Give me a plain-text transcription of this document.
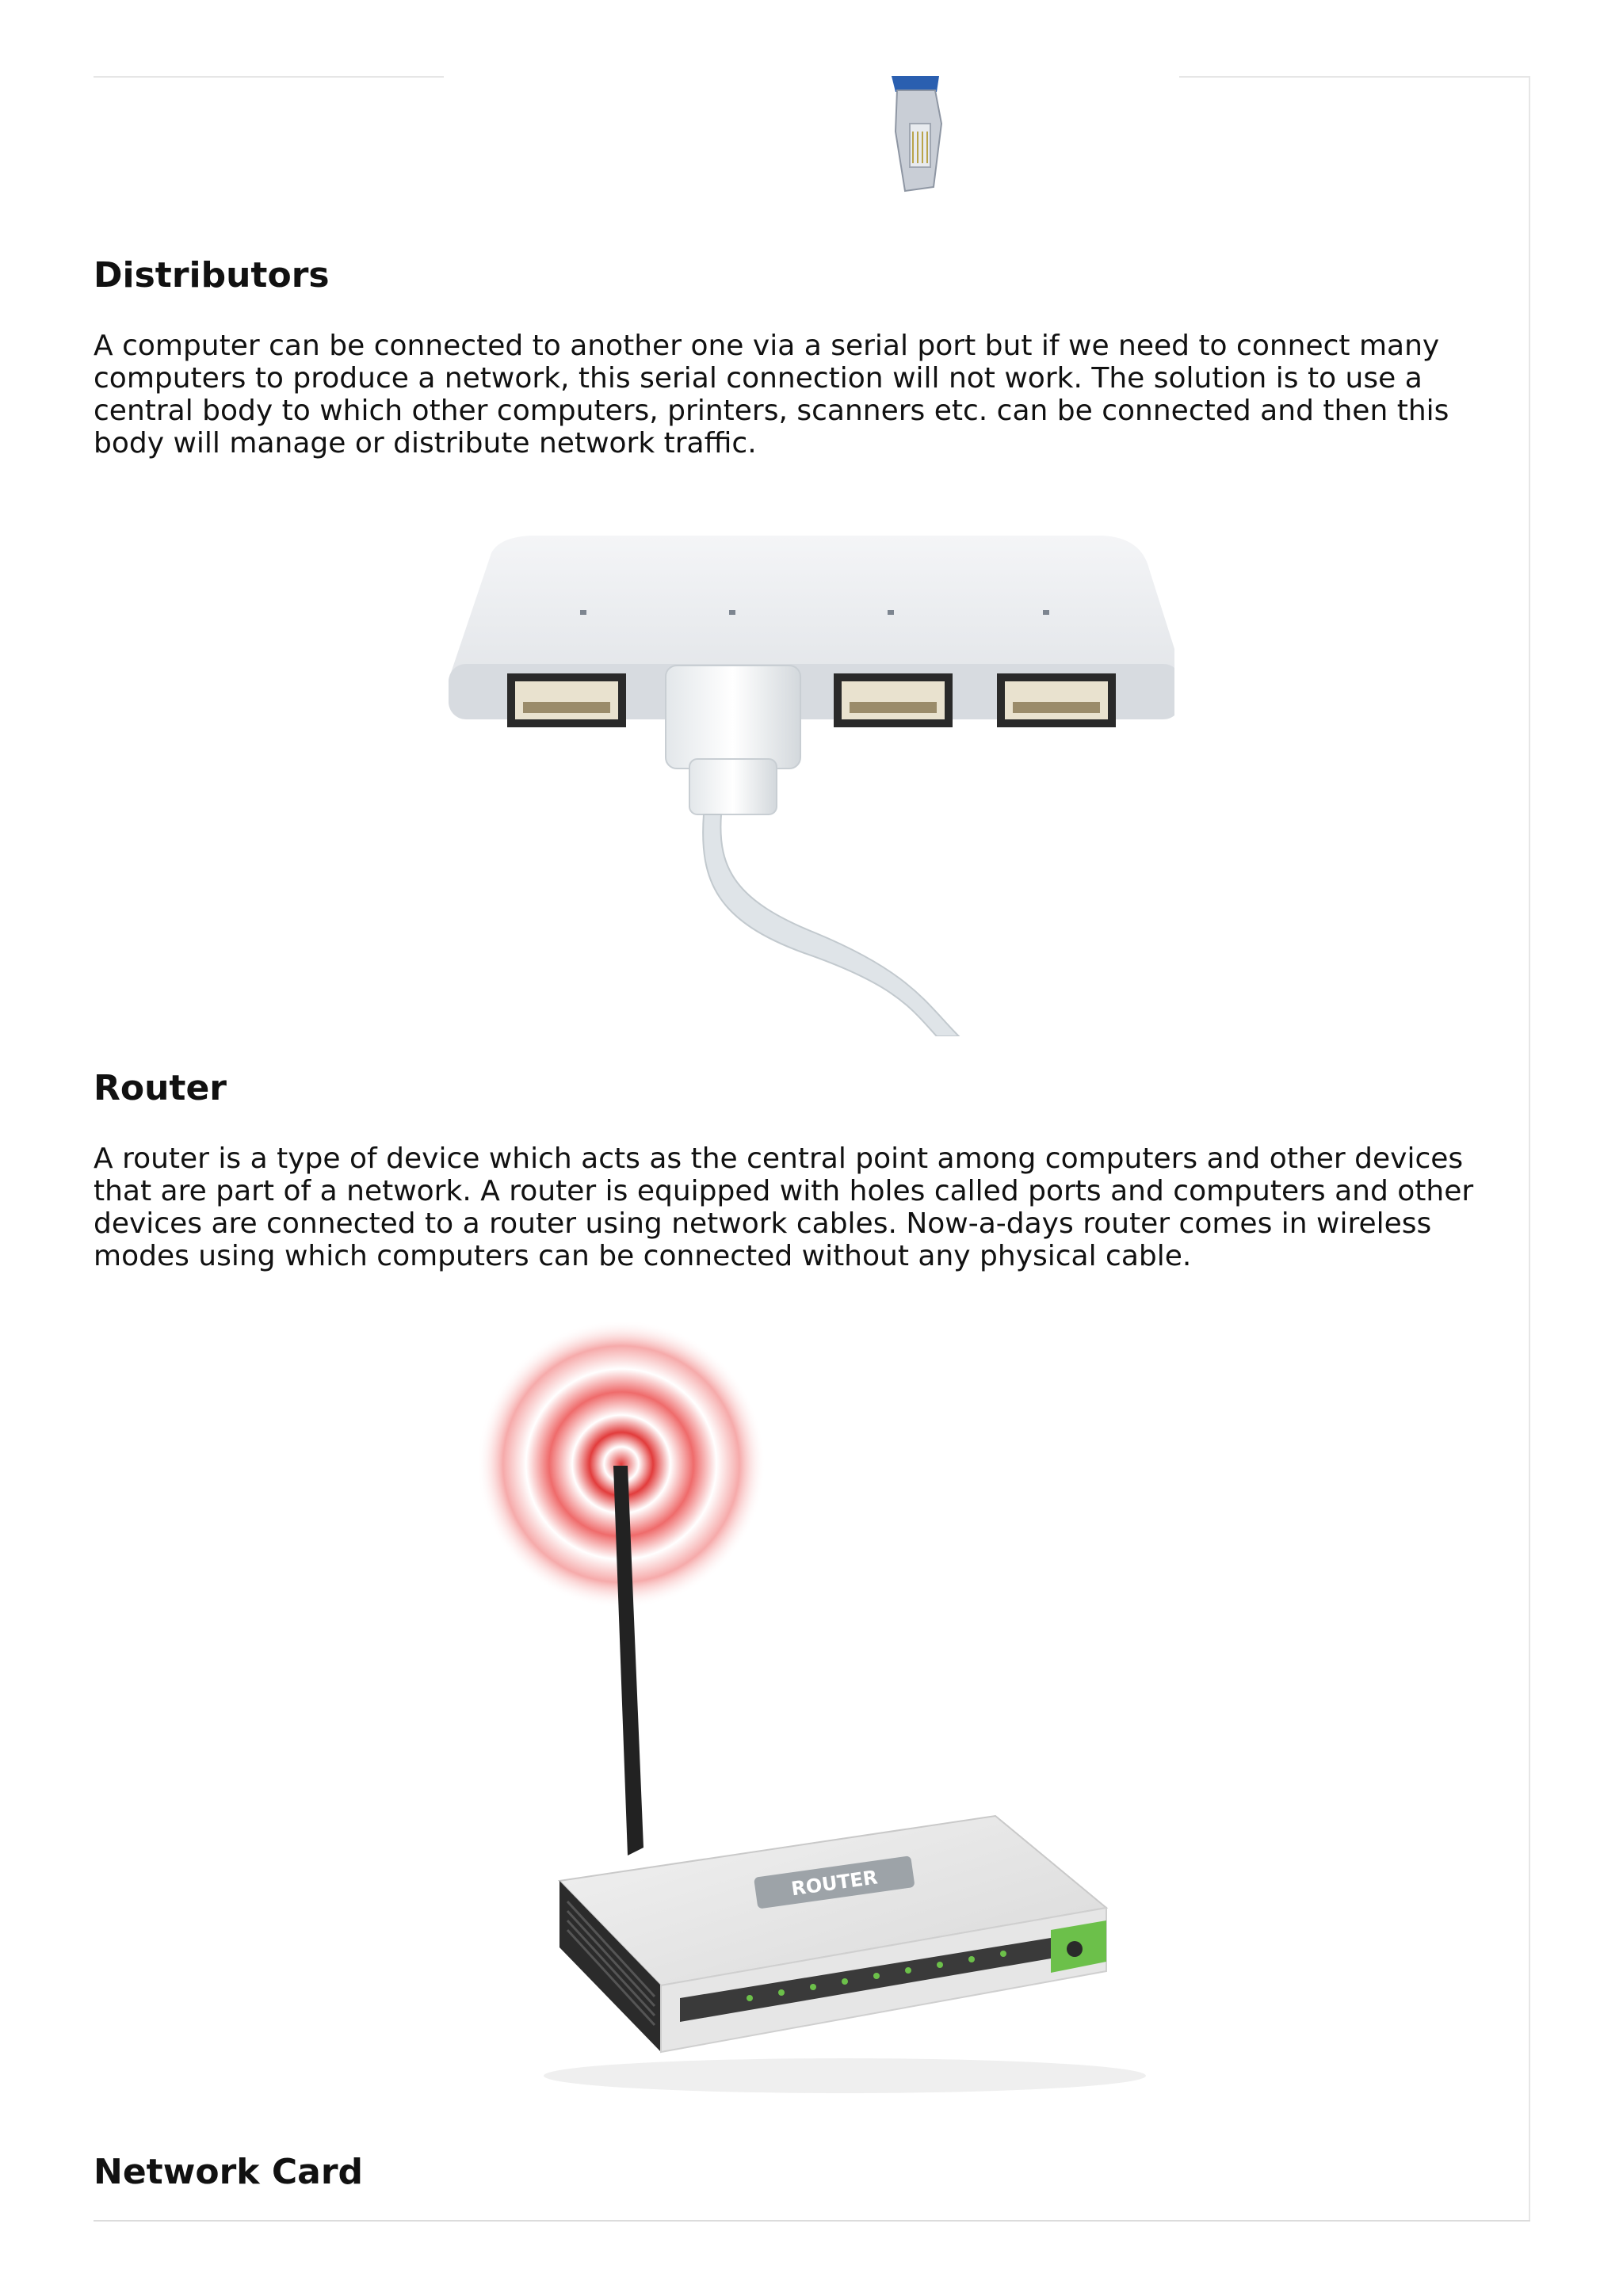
Distributors

A computer can be connected to another one via a serial port but if we need to connect many computers to produce a network, this serial connection will not work. The solution is to use a central body to which other computers, printers, scanners etc. can be connected and then this body will manage or distribute network traffic.

Router

A router is a type of device which acts as the central point among computers and other devices that are part of a network. A router is equipped with holes called ports and computers and other devices are connected to a router using network cables. Now-a-days router comes in wireless modes using which computers can be connected without any physical cable.

ROUTER
Network Card
